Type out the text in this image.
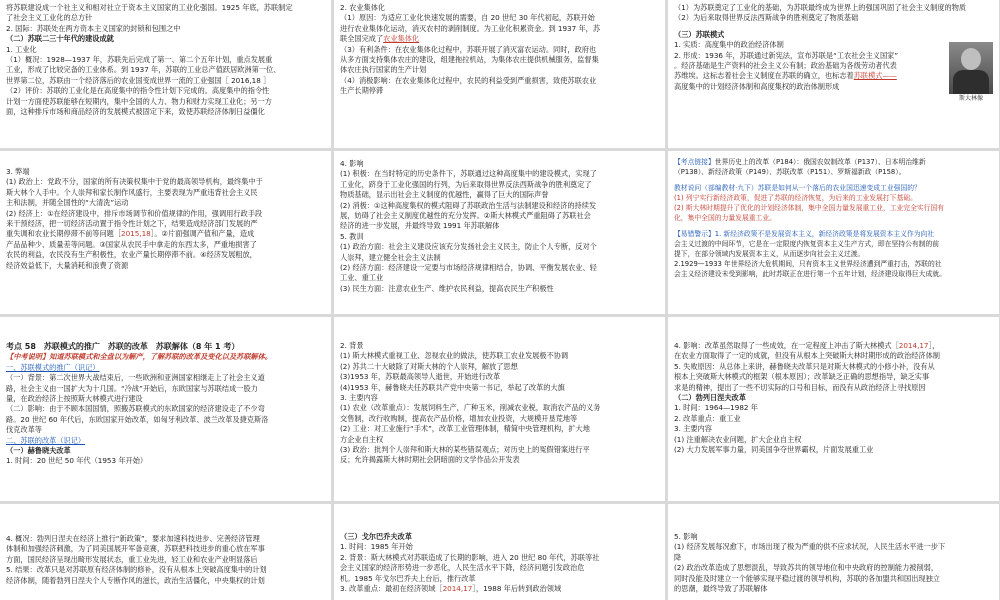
将苏联建设成一个社主义和相对社立于资本主义国家的工业化强国。1925 年底，苏联制定

了社会主义工业化的总方针

2. 国际：苏联处在两方资本主义国家的封锁和包围之中

（二）苏联二三十年代的建设成就

1. 工业化

（1）概况：1928—1937 年，苏联先后完成了第一、第二个五年计划，重点发展重

工业，形成了比较完备的工业体系。到 1937 年，苏联的工业总产值跃居欧洲第一位、

世界第二位，苏联由一个经济落后的农业国变成世界一流的工业强国［ 2016,18 ］

（2）评价：苏联的工业化是在高度集中的指令性计划下完成的。高度集中的指令性

计划一方面使苏联能够在短期内，集中全国的人力、物力和财力实现工业化；另一方

面，这种排斥市场和商品经济的发展模式被固定下来，致使苏联经济体制日益僵化

2. 农业集体化

（1）原因：为适应工业化快速发展的需要，自 20 世纪 30 年代初起，苏联开始

进行农业集体化运动，消灭农村的剥削制度。为工业化积累资金。到 1937 年，苏

联全国完成了农业集体化

（3）有利条件：在农业集体化过程中，苏联开展了消灭富农运动。同时，政府也

从多方面支持集体农庄的建设，组建拖拉机站，为集体农庄提供机械服务，监督集

体农庄执行国家的生产计划

（4）消极影响：在农业集体化过程中，农民的利益受到严重损害，致使苏联农业

生产长期停滞

（1）为苏联奠定了工业化的基础，为苏联最终成为世界上的强国巩固了社会主义制度的物质

（2）为后来取得世界反法西斯战争的胜利奠定了物质基础

（三）苏联模式

斯大林像

1. 实质：高度集中的政治经济体制

2. 形成：1936 年，苏联通过新宪法，宣布苏联是“工农社会主义国家”

。经济基础是生产资料的社会主义公有制；政治基础为各级劳动者代表

苏维埃。这标志着社会主义制度在苏联的确立，也标志着苏联模式——

高度集中的计划经济体制和高度集权的政治体制形成

3. 弊端

(1) 政治上：党政不分，国家的所有决策权集中于党的最高领导机构，最终集中于

斯大林个人手中。个人崇拜和家长制作风盛行，主要表现为严重违背社会主义民

主和法制，并随全国性的“大清洗”运动

(2) 经济上：①在经济建设中，排斥市场调节和价值规律的作用，强调用行政手段

来干预经济，把一切经济活动置于指令性计划之下，结果造成经济部门发展的严

重失调和农业长期停滞不前等问题［2015,18］。②片面强调产值和产量，造成

产品品种少、质量差等问题。③国家从农民手中拿走的东西太多，严重地损害了

农民的利益，农民没有生产积极性，农业产量长期停滞不前。④经济发展粗放，

经济效益低下，大量消耗和浪费了资源

4. 影响

(1) 积极：在当时特定的历史条件下，苏联通过这种高度集中的建设模式，实现了

工业化，跻身于工业化强国的行列，为后来取得世界反法西斯战争的胜利奠定了

物质基础，显示出社会主义制度的优越性，赢得了巨大的国际声誉

(2) 消极：①这种高度集权的模式阻碍了苏联政治生活与法制建设和经济的持续发

展，妨碍了社会主义制度优越性的充分发挥。②斯大林模式严重阻碍了苏联社会

经济的进一步发展，并最终导致 1991 年苏联解体

5. 教训

(1) 政治方面：社会主义建设应该充分发扬社会主义民主，防止个人专断，反对个

人崇拜，建立健全社会主义法制

(2) 经济方面：经济建设一定要与市场经济规律相结合，协调、平衡发展农业、轻

工业、重工业

(3) 民生方面：注意农业生产、维护农民利益，提高农民生产积极性

【考点链接】世界历史上的改革（P184）：俄国农奴制改革（P137）、日本明治维新

（P138）、新经济政策（P149）、苏联改革（P151）、罗斯福新政（P158）。

教材说问（部编教材·九下）苏联是如何从一个落后的农业国迅速变成工业强国的？

(1) 列宁实行新经济政策，促进了苏联的经济恢复，为后来的工业发展打下基础。

(2) 斯大林时期提升了优化的计划经济体制，集中全国力量发展重工业，工业完全实行国有

化，集中全国的力量发展重工业。

【易错警示】1. 新经济政策不是发展资本主义，新经济政策是将发展资本主义作为向社

会主义过渡的中间环节，它是在一定限度内恢复资本主义生产方式，即在坚持公有制的前

提下，在部分领域内发展资本主义，从而逐步向社会主义过渡。

2.1929—1933 年世界经济大危机期间，只有资本主义世界经济遭到严重打击，苏联的社

会主义经济建设未受到影响，此时苏联正在进行第一个五年计划，经济建设取得巨大成就。

考点 58　苏联模式的推广　苏联的改革　苏联解体（8 年 1 考）

【中考说明】知道苏联模式和全盘以为解产，了解苏联的改革及变化以及苏联解体。

一、苏联模式的推广（识记）

（一）背景：第二次世界大战结束后，一些欧洲和亚洲国家相继走上了社会主义道

路，社会主义由一国扩大为十几国。“冷战”开始后，东欧国家与苏联结成一股力

量，在政治经济上按照斯大林模式进行建设

（二）影响：由于不顾本国国情，照搬苏联模式的东欧国家的经济建设走了不少弯

路。20 世纪 60 年代后，东欧国家开始改革，如匈牙利改革、波兰改革及捷克斯洛

伐克改革等

二、苏联的改革（识记）

（一）赫鲁晓夫改革

1. 时间：20 世纪 50 年代（1953 年开始）

2. 背景

(1) 斯大林模式重视工业、忽视农业的做法，使苏联工农业发展极不协调

(2) 苏共二十大破除了对斯大林的个人崇拜，解放了思想

(3)1953 年，苏联最高领导人逝世，开始进行改革

(4)1953 年，赫鲁晓夫任苏联共产党中央第一书记，举起了改革的大旗

3. 主要内容

(1) 农业（改革重点）：发展饲料生产，广种玉米，削减农业税，取消农产品的义务

交售制，改行收购制，提高农产品价格，增加农业投资，大规模开垦荒地等

(2) 工业：对工业施行“手术”，改革工业管理体制，精简中央管理机构，扩大地

方企业自主权

(3) 政治：批判个人崇拜和斯大林的某些错误观点；对历史上的冤假错案进行平

反；允许揭露斯大林时期社会阴暗面的文学作品公开发表

4. 影响：改革虽然取得了一些成效，在一定程度上冲击了斯大林模式［2014,17］，

在农业方面取得了一定的成就，但没有从根本上突破斯大林时期形成的政治经济体制

5. 失败原因：从总体上来讲，赫鲁晓夫改革只是对斯大林模式的小修小补，没有从

根本上突破斯大林模式的框架（根本原因）；改革缺乏正确的思想指导，缺乏实事

求是的精神，提出了一些不切实际的口号和目标，而没有从政治经济上寻找原因

（二）勃列日涅夫改革

1. 时间：1964—1982 年

2. 改革重点：重工业

3. 主要内容

(1) 注重解决农业问题，扩大企业自主权

(2) 大力发展军事力量，同美国争夺世界霸权，片面发展重工业

4. 概况：勃列日涅夫在经济上推行“新政策”，要求加速科技进步、完善经济管理

体制和加强经济刺激，为了同美国展开军备竞赛，苏联把科技进步的重心放在军事

方面，国民经济呈现出畸形发展状态，重工业先进，轻工业和农业产业明显落后

5. 结果：改革只是对苏联原有经济体制的修补，没有从根本上突破高度集中的计划

经济体制，随着勃列日涅夫个人专断作风的滋长，政治生活僵化，中央集权的计划

（三）戈尔巴乔夫改革

1. 时间：1985 年开始

2. 背景：斯大林模式对苏联造成了长期的影响，进入 20 世纪 80 年代，苏联等社

会主义国家的经济形势进一步恶化，人民生活水平下降，经济问题引发政治危

机。1985 年戈尔巴乔夫上台后，推行改革

3. 改革重点：最初在经济领域［2014,17］，1988 年后转到政治领域

5. 影响

(1) 经济发展每况愈下，市场出现了极为严重的供不应求状况，人民生活水平进一步下

降

(2) 政治改革造成了思想混乱，导致苏共的领导地位和中央政府的控制能力被削弱，

同时没能及时建立一个能够实现平稳过渡的领导机构，苏联的各加盟共和国出现独立

的思潮，最终导致了苏联解体
